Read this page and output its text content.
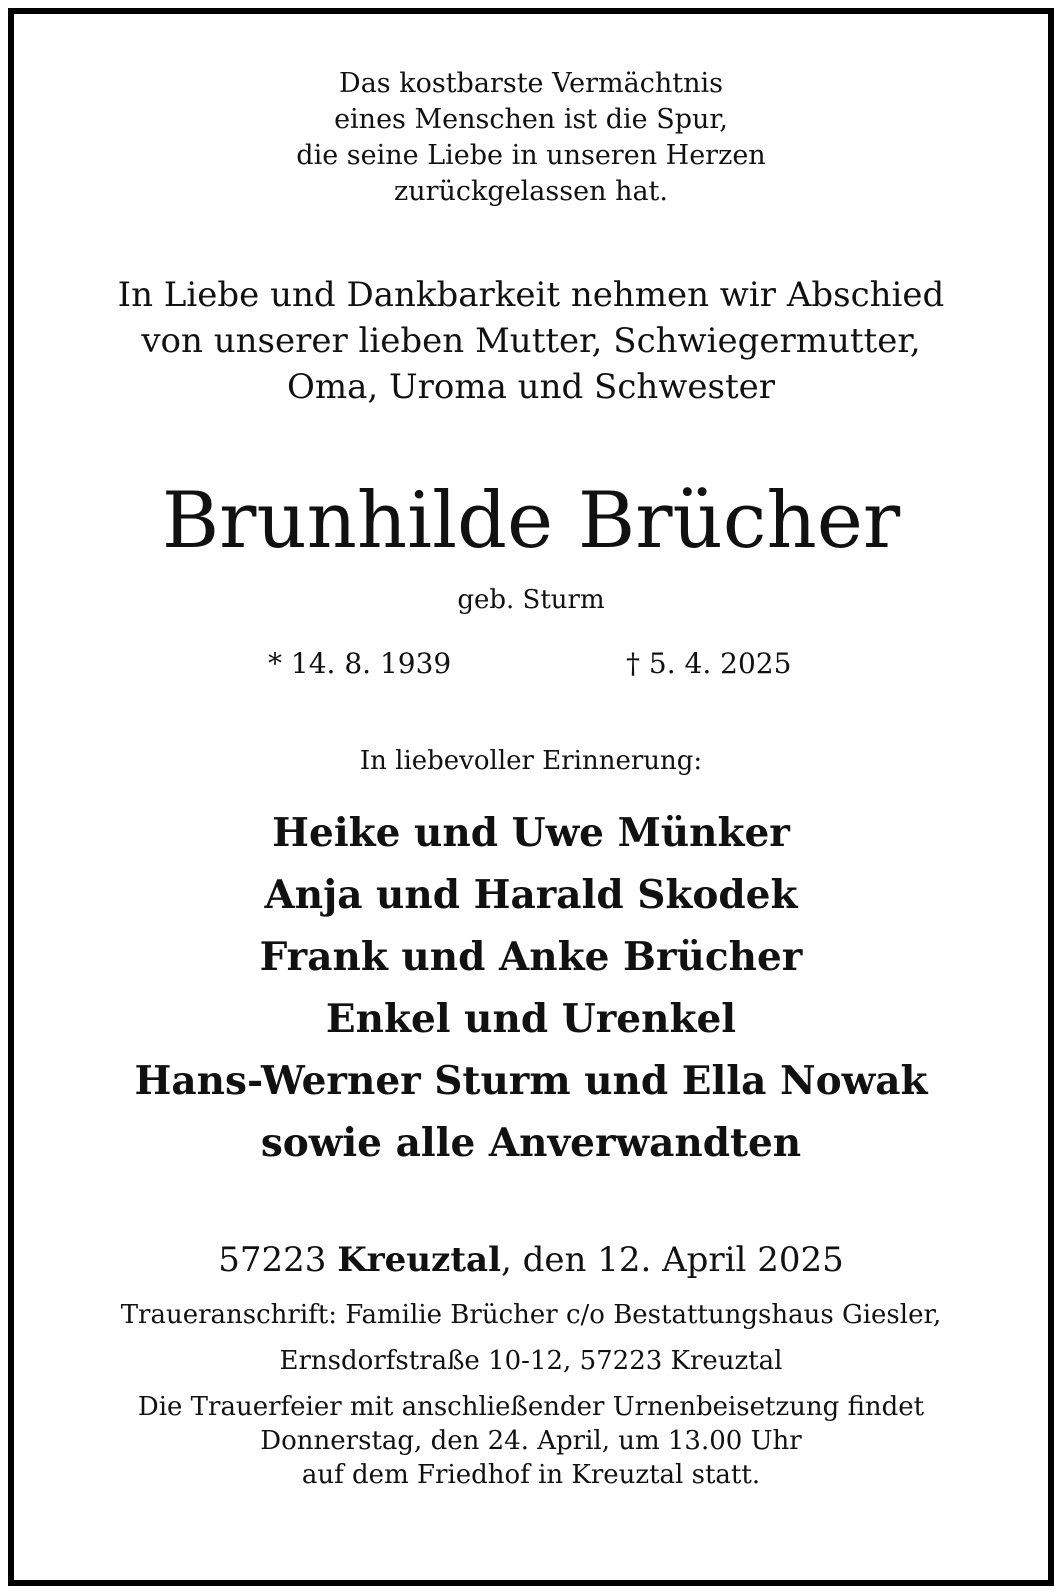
Das kostbarste Vermächtnis
eines Menschen ist die Spur,
die seine Liebe in unseren Herzen
zurückgelassen hat.
In Liebe und Dankbarkeit nehmen wir Abschied
von unserer lieben Mutter, Schwiegermutter,
Oma, Uroma und Schwester
Brunhilde Brücher
geb. Sturm
* 14. 8. 1939	† 5. 4. 2025
In liebevoller Erinnerung:
Heike und Uwe Münker
Anja und Harald Skodek
Frank und Anke Brücher
Enkel und Urenkel
Hans-Werner Sturm und Ella Nowak
sowie alle Anverwandten
57223 Kreuztal, den 12. April 2025
Traueranschrift: Familie Brücher c/o Bestattungshaus Giesler,
Ernsdorfstraße 10-12, 57223 Kreuztal
Die Trauerfeier mit anschließender Urnenbeisetzung findet
Donnerstag, den 24. April, um 13.00 Uhr
auf dem Friedhof in Kreuztal statt.
